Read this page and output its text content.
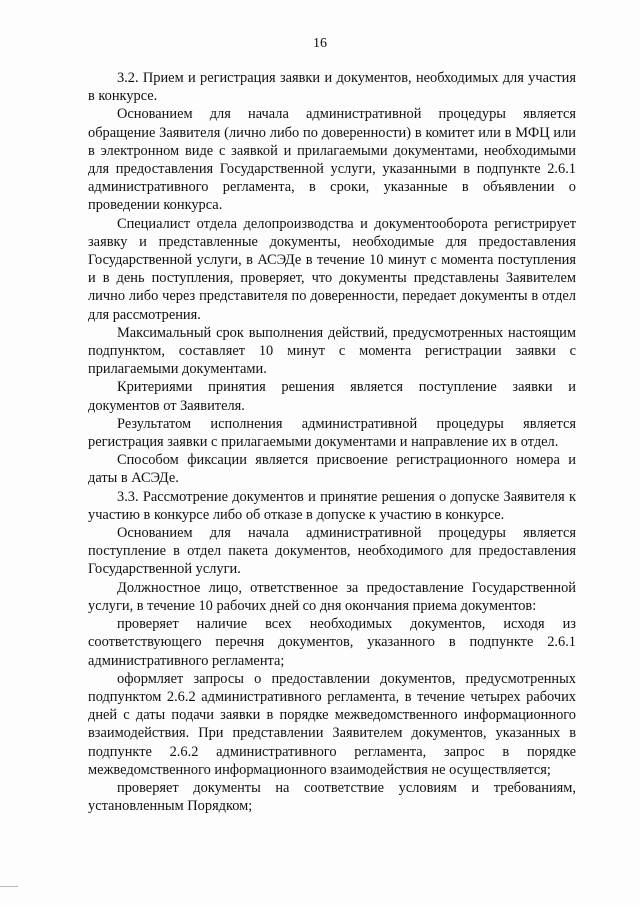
16

3.2. Прием и регистрация заявки и документов, необходимых для участия в конкурсе.

Основанием для начала административной процедуры является обращение Заявителя (лично либо по доверенности) в комитет или в МФЦ или в электронном виде с заявкой и прилагаемыми документами, необходимыми для предоставления Государственной услуги, указанными в подпункте 2.6.1 административного регламента, в сроки, указанные в объявлении о проведении конкурса.

Специалист отдела делопроизводства и документооборота регистрирует заявку и представленные документы, необходимые для предоставления Государственной услуги, в АСЭДе в течение 10 минут с момента поступления и в день поступления, проверяет, что документы представлены Заявителем лично либо через представителя по доверенности, передает документы в отдел для рассмотрения.

Максимальный срок выполнения действий, предусмотренных настоящим подпунктом, составляет 10 минут с момента регистрации заявки с прилагаемыми документами.

Критериями принятия решения является поступление заявки и документов от Заявителя.

Результатом исполнения административной процедуры является регистрация заявки с прилагаемыми документами и направление их в отдел.

Способом фиксации является присвоение регистрационного номера и даты в АСЭДе.

3.3. Рассмотрение документов и принятие решения о допуске Заявителя к участию в конкурсе либо об отказе в допуске к участию в конкурсе.

Основанием для начала административной процедуры является поступление в отдел пакета документов, необходимого для предоставления Государственной услуги.

Должностное лицо, ответственное за предоставление Государственной услуги, в течение 10 рабочих дней со дня окончания приема документов:

проверяет наличие всех необходимых документов, исходя из соответствующего перечня документов, указанного в подпункте 2.6.1 административного регламента;

оформляет запросы о предоставлении документов, предусмотренных подпунктом 2.6.2 административного регламента, в течение четырех рабочих дней с даты подачи заявки в порядке межведомственного информационного взаимодействия. При представлении Заявителем документов, указанных в подпункте 2.6.2 административного регламента, запрос в порядке межведомственного информационного взаимодействия не осуществляется;

проверяет документы на соответствие условиям и требованиям, установленным Порядком;
